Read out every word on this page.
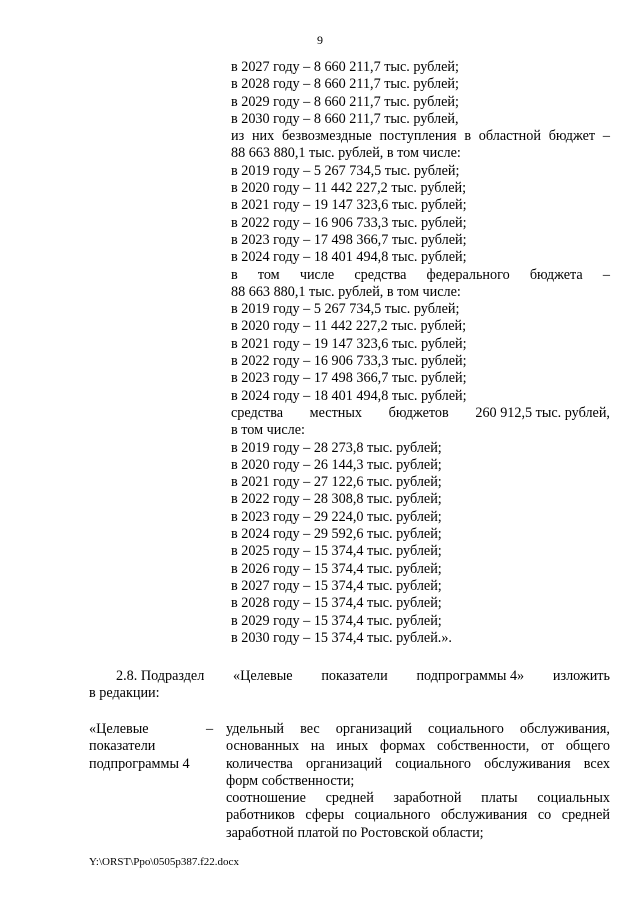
9
в 2027 году – 8 660 211,7 тыс. рублей;
в 2028 году – 8 660 211,7 тыс. рублей;
в 2029 году – 8 660 211,7 тыс. рублей;
в 2030 году – 8 660 211,7 тыс. рублей,
из них безвозмездные поступления в областной бюджет –
88 663 880,1 тыс. рублей, в том числе:
в 2019 году – 5 267 734,5 тыс. рублей;
в 2020 году – 11 442 227,2 тыс. рублей;
в 2021 году – 19 147 323,6 тыс. рублей;
в 2022 году – 16 906 733,3 тыс. рублей;
в 2023 году – 17 498 366,7 тыс. рублей;
в 2024 году – 18 401 494,8 тыс. рублей;
в том числе средства федерального бюджета –
88 663 880,1 тыс. рублей, в том числе:
в 2019 году – 5 267 734,5 тыс. рублей;
в 2020 году – 11 442 227,2 тыс. рублей;
в 2021 году – 19 147 323,6 тыс. рублей;
в 2022 году – 16 906 733,3 тыс. рублей;
в 2023 году – 17 498 366,7 тыс. рублей;
в 2024 году – 18 401 494,8 тыс. рублей;
средства местных бюджетов 260 912,5 тыс. рублей,
в том числе:
в 2019 году – 28 273,8 тыс. рублей;
в 2020 году – 26 144,3 тыс. рублей;
в 2021 году – 27 122,6 тыс. рублей;
в 2022 году – 28 308,8 тыс. рублей;
в 2023 году – 29 224,0 тыс. рублей;
в 2024 году – 29 592,6 тыс. рублей;
в 2025 году – 15 374,4 тыс. рублей;
в 2026 году – 15 374,4 тыс. рублей;
в 2027 году – 15 374,4 тыс. рублей;
в 2028 году – 15 374,4 тыс. рублей;
в 2029 году – 15 374,4 тыс. рублей;
в 2030 году – 15 374,4 тыс. рублей.».
2.8. Подраздел «Целевые показатели подпрограммы 4» изложить
в редакции:
«Целевые
показатели
подпрограммы 4
– удельный вес организаций социального обслуживания,
основанных на иных формах собственности, от общего
количества организаций социального обслуживания всех
форм собственности;
соотношение средней заработной платы социальных
работников сферы социального обслуживания со средней
заработной платой по Ростовской области;
Y:\ORST\Ppo\0505p387.f22.docx
